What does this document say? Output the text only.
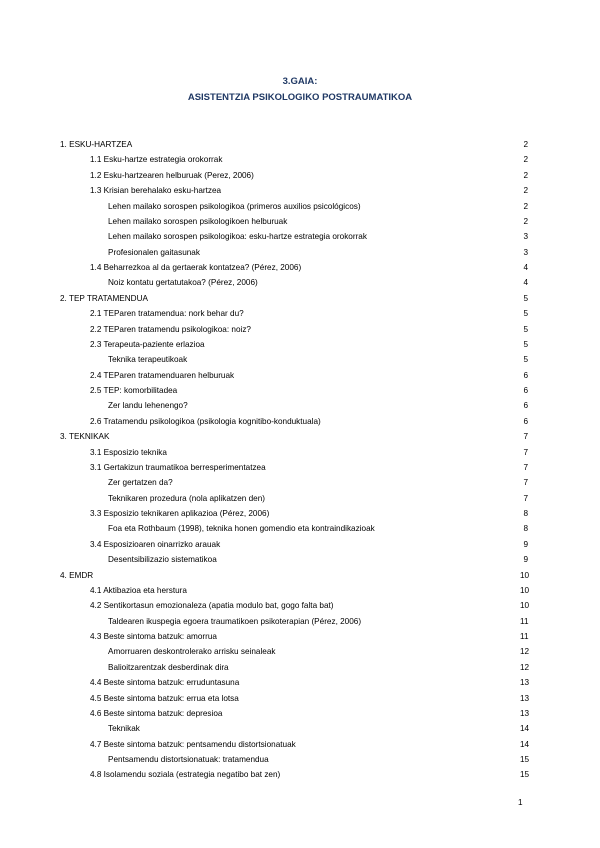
3.GAIA:
ASISTENTZIA PSIKOLOGIKO POSTRAUMATIKOA
1. ESKU-HARTZEA	2
1.1 Esku-hartze estrategia orokorrak	2
1.2 Esku-hartzearen helburuak (Perez, 2006)	2
1.3 Krisian berehalako esku-hartzea	2
Lehen mailako sorospen psikologikoa (primeros auxilios psicológicos)	2
Lehen mailako sorospen psikologikoen helburuak	2
Lehen mailako sorospen psikologikoa: esku-hartze estrategia orokorrak	3
Profesionalen gaitasunak	3
1.4 Beharrezkoa al da gertaerak kontatzea? (Pérez, 2006)	4
Noiz kontatu gertatutakoa? (Pérez, 2006)	4
2. TEP TRATAMENDUA	5
2.1 TEParen tratamendua: nork behar du?	5
2.2 TEParen tratamendu psikologikoa: noiz?	5
2.3 Terapeuta-paziente erlazioa	5
Teknika terapeutikoak	5
2.4 TEParen tratamenduaren helburuak	6
2.5 TEP: komorbilitadea	6
Zer landu lehenengo?	6
2.6 Tratamendu psikologikoa (psikologia kognitibo-konduktuala)	6
3. TEKNIKAK	7
3.1 Esposizio teknika	7
3.1 Gertakizun traumatikoa berresperimentatzea	7
Zer gertatzen da?	7
Teknikaren prozedura (nola aplikatzen den)	7
3.3 Esposizio teknikaren aplikazioa (Pérez, 2006)	8
Foa eta Rothbaum (1998), teknika honen gomendio eta kontraindikazioak	8
3.4 Esposizioaren oinarrizko arauak	9
Desentsibilizazio sistematikoa	9
4. EMDR	10
4.1 Aktibazioa eta herstura	10
4.2 Sentikortasun emozionaleza (apatia modulo bat, gogo falta bat)	10
Taldearen ikuspegia egoera traumatikoen psikoterapian (Pérez, 2006)	11
4.3 Beste sintoma batzuk: amorrua	11
Amorruaren deskontrolerako arrisku seinaleak	12
Balioitzarentzak desberdinak dira	12
4.4 Beste sintoma batzuk: erruduntasuna	13
4.5 Beste sintoma batzuk: errua eta lotsa	13
4.6 Beste sintoma batzuk: depresioa	13
Teknikak	14
4.7 Beste sintoma batzuk: pentsamendu distortsionatuak	14
Pentsamendu distortsionatuak: tratamendua	15
4.8 Isolamendu soziala (estrategia negatibo bat zen)	15
1
